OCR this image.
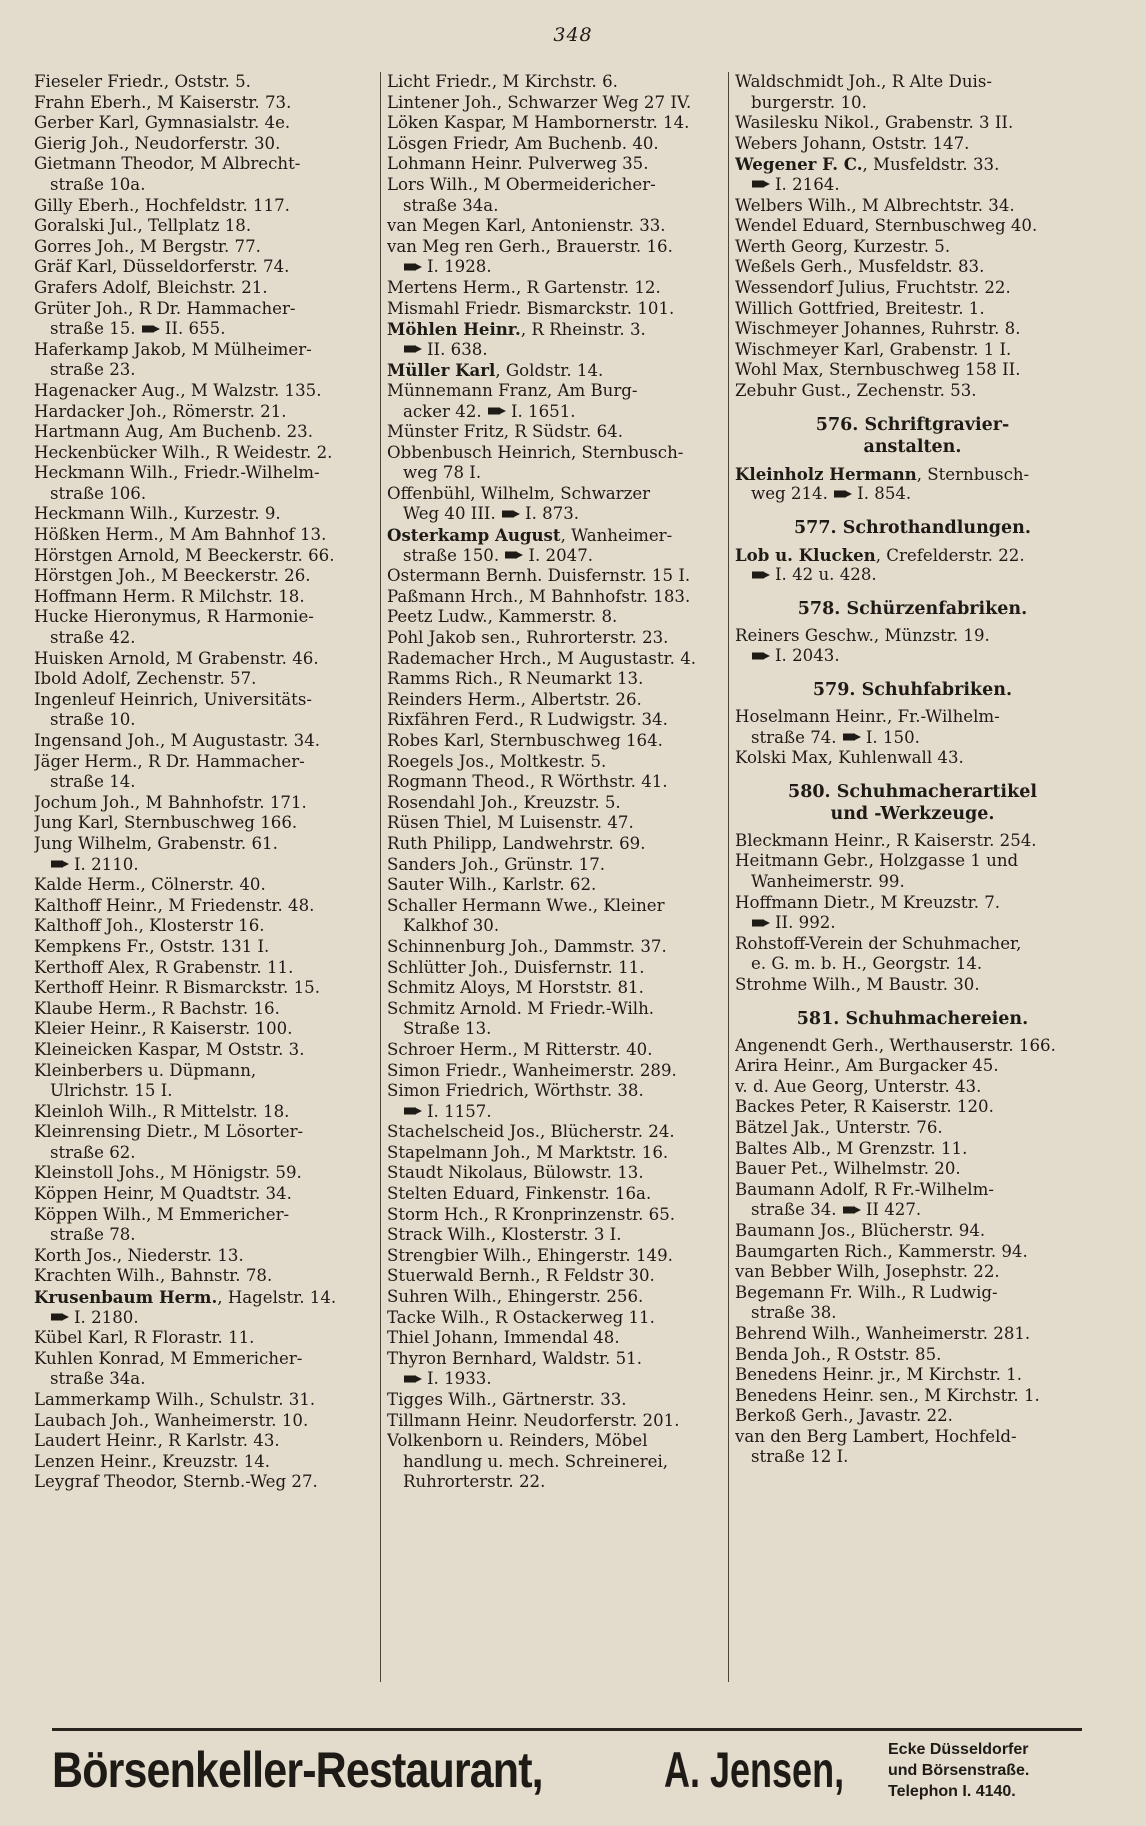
348
Fieseler Friedr., Oststr. 5.
Frahn Eberh., M Kaiserstr. 73.
Gerber Karl, Gymnasialstr. 4e.
Gierig Joh., Neudorferstr. 30.
Gietmann Theodor, M Albrecht-
straße 10a.
Gilly Eberh., Hochfeldstr. 117.
Goralski Jul., Tellplatz 18.
Gorres Joh., M Bergstr. 77.
Gräf Karl, Düsseldorferstr. 74.
Grafers Adolf, Bleichstr. 21.
Grüter Joh., R Dr. Hammacher-
straße 15. II. 655.
Haferkamp Jakob, M Mülheimer-
straße 23.
Hagenacker Aug., M Walzstr. 135.
Hardacker Joh., Römerstr. 21.
Hartmann Aug, Am Buchenb. 23.
Heckenbücker Wilh., R Weidestr. 2.
Heckmann Wilh., Friedr.-Wilhelm-
straße 106.
Heckmann Wilh., Kurzestr. 9.
Hößken Herm., M Am Bahnhof 13.
Hörstgen Arnold, M Beeckerstr. 66.
Hörstgen Joh., M Beeckerstr. 26.
Hoffmann Herm. R Milchstr. 18.
Hucke Hieronymus, R Harmonie-
straße 42.
Huisken Arnold, M Grabenstr. 46.
Ibold Adolf, Zechenstr. 57.
Ingenleuf Heinrich, Universitäts-
straße 10.
Ingensand Joh., M Augustastr. 34.
Jäger Herm., R Dr. Hammacher-
straße 14.
Jochum Joh., M Bahnhofstr. 171.
Jung Karl, Sternbuschweg 166.
Jung Wilhelm, Grabenstr. 61.
I. 2110.
Kalde Herm., Cölnerstr. 40.
Kalthoff Heinr., M Friedenstr. 48.
Kalthoff Joh., Klosterstr 16.
Kempkens Fr., Oststr. 131 I.
Kerthoff Alex, R Grabenstr. 11.
Kerthoff Heinr. R Bismarckstr. 15.
Klaube Herm., R Bachstr. 16.
Kleier Heinr., R Kaiserstr. 100.
Kleineicken Kaspar, M Oststr. 3.
Kleinberbers u. Düpmann,
Ulrichstr. 15 I.
Kleinloh Wilh., R Mittelstr. 18.
Kleinrensing Dietr., M Lösorter-
straße 62.
Kleinstoll Johs., M Hönigstr. 59.
Köppen Heinr, M Quadtstr. 34.
Köppen Wilh., M Emmericher-
straße 78.
Korth Jos., Niederstr. 13.
Krachten Wilh., Bahnstr. 78.
Krusenbaum Herm., Hagelstr. 14.
I. 2180.
Kübel Karl, R Florastr. 11.
Kuhlen Konrad, M Emmericher-
straße 34a.
Lammerkamp Wilh., Schulstr. 31.
Laubach Joh., Wanheimerstr. 10.
Laudert Heinr., R Karlstr. 43.
Lenzen Heinr., Kreuzstr. 14.
Leygraf Theodor, Sternb.-Weg 27.
Licht Friedr., M Kirchstr. 6.
Lintener Joh., Schwarzer Weg 27 IV.
Löken Kaspar, M Hambornerstr. 14.
Lösgen Friedr, Am Buchenb. 40.
Lohmann Heinr. Pulverweg 35.
Lors Wilh., M Obermeidericher-
straße 34a.
van Megen Karl, Antonienstr. 33.
van Meg ren Gerh., Brauerstr. 16.
I. 1928.
Mertens Herm., R Gartenstr. 12.
Mismahl Friedr. Bismarckstr. 101.
Möhlen Heinr., R Rheinstr. 3.
II. 638.
Müller Karl, Goldstr. 14.
Münnemann Franz, Am Burg-
acker 42. I. 1651.
Münster Fritz, R Südstr. 64.
Obbenbusch Heinrich, Sternbusch-
weg 78 I.
Offenbühl, Wilhelm, Schwarzer
Weg 40 III. I. 873.
Osterkamp August, Wanheimer-
straße 150. I. 2047.
Ostermann Bernh. Duisfernstr. 15 I.
Paßmann Hrch., M Bahnhofstr. 183.
Peetz Ludw., Kammerstr. 8.
Pohl Jakob sen., Ruhrorterstr. 23.
Rademacher Hrch., M Augustastr. 4.
Ramms Rich., R Neumarkt 13.
Reinders Herm., Albertstr. 26.
Rixfähren Ferd., R Ludwigstr. 34.
Robes Karl, Sternbuschweg 164.
Roegels Jos., Moltkestr. 5.
Rogmann Theod., R Wörthstr. 41.
Rosendahl Joh., Kreuzstr. 5.
Rüsen Thiel, M Luisenstr. 47.
Ruth Philipp, Landwehrstr. 69.
Sanders Joh., Grünstr. 17.
Sauter Wilh., Karlstr. 62.
Schaller Hermann Wwe., Kleiner
Kalkhof 30.
Schinnenburg Joh., Dammstr. 37.
Schlütter Joh., Duisfernstr. 11.
Schmitz Aloys, M Horststr. 81.
Schmitz Arnold. M Friedr.-Wilh.
Straße 13.
Schroer Herm., M Ritterstr. 40.
Simon Friedr., Wanheimerstr. 289.
Simon Friedrich, Wörthstr. 38.
I. 1157.
Stachelscheid Jos., Blücherstr. 24.
Stapelmann Joh., M Marktstr. 16.
Staudt Nikolaus, Bülowstr. 13.
Stelten Eduard, Finkenstr. 16a.
Storm Hch., R Kronprinzenstr. 65.
Strack Wilh., Klosterstr. 3 I.
Strengbier Wilh., Ehingerstr. 149.
Stuerwald Bernh., R Feldstr 30.
Suhren Wilh., Ehingerstr. 256.
Tacke Wilh., R Ostackerweg 11.
Thiel Johann, Immendal 48.
Thyron Bernhard, Waldstr. 51.
I. 1933.
Tigges Wilh., Gärtnerstr. 33.
Tillmann Heinr. Neudorferstr. 201.
Volkenborn u. Reinders, Möbel
handlung u. mech. Schreinerei,
Ruhrorterstr. 22.
Waldschmidt Joh., R Alte Duis-
burgerstr. 10.
Wasilesku Nikol., Grabenstr. 3 II.
Webers Johann, Oststr. 147.
Wegener F. C., Musfeldstr. 33.
I. 2164.
Welbers Wilh., M Albrechtstr. 34.
Wendel Eduard, Sternbuschweg 40.
Werth Georg, Kurzestr. 5.
Weßels Gerh., Musfeldstr. 83.
Wessendorf Julius, Fruchtstr. 22.
Willich Gottfried, Breitestr. 1.
Wischmeyer Johannes, Ruhrstr. 8.
Wischmeyer Karl, Grabenstr. 1 I.
Wohl Max, Sternbuschweg 158 II.
Zebuhr Gust., Zechenstr. 53.
576. Schriftgravier-
anstalten.
Kleinholz Hermann, Sternbusch-
weg 214. I. 854.
577. Schrothandlungen.
Lob u. Klucken, Crefelderstr. 22.
I. 42 u. 428.
578. Schürzenfabriken.
Reiners Geschw., Münzstr. 19.
I. 2043.
579. Schuhfabriken.
Hoselmann Heinr., Fr.-Wilhelm-
straße 74. I. 150.
Kolski Max, Kuhlenwall 43.
580. Schuhmacherartikel
und -Werkzeuge.
Bleckmann Heinr., R Kaiserstr. 254.
Heitmann Gebr., Holzgasse 1 und
Wanheimerstr. 99.
Hoffmann Dietr., M Kreuzstr. 7.
II. 992.
Rohstoff-Verein der Schuhmacher,
e. G. m. b. H., Georgstr. 14.
Strohme Wilh., M Baustr. 30.
581. Schuhmachereien.
Angenendt Gerh., Werthauserstr. 166.
Arira Heinr., Am Burgacker 45.
v. d. Aue Georg, Unterstr. 43.
Backes Peter, R Kaiserstr. 120.
Bätzel Jak., Unterstr. 76.
Baltes Alb., M Grenzstr. 11.
Bauer Pet., Wilhelmstr. 20.
Baumann Adolf, R Fr.-Wilhelm-
straße 34. II 427.
Baumann Jos., Blücherstr. 94.
Baumgarten Rich., Kammerstr. 94.
van Bebber Wilh, Josephstr. 22.
Begemann Fr. Wilh., R Ludwig-
straße 38.
Behrend Wilh., Wanheimerstr. 281.
Benda Joh., R Oststr. 85.
Benedens Heinr. jr., M Kirchstr. 1.
Benedens Heinr. sen., M Kirchstr. 1.
Berkoß Gerh., Javastr. 22.
van den Berg Lambert, Hochfeld-
straße 12 I.
Börsenkeller-Restaurant, A. Jensen,	Ecke Düsseldorfer
und Börsenstraße.
Telephon I. 4140.
